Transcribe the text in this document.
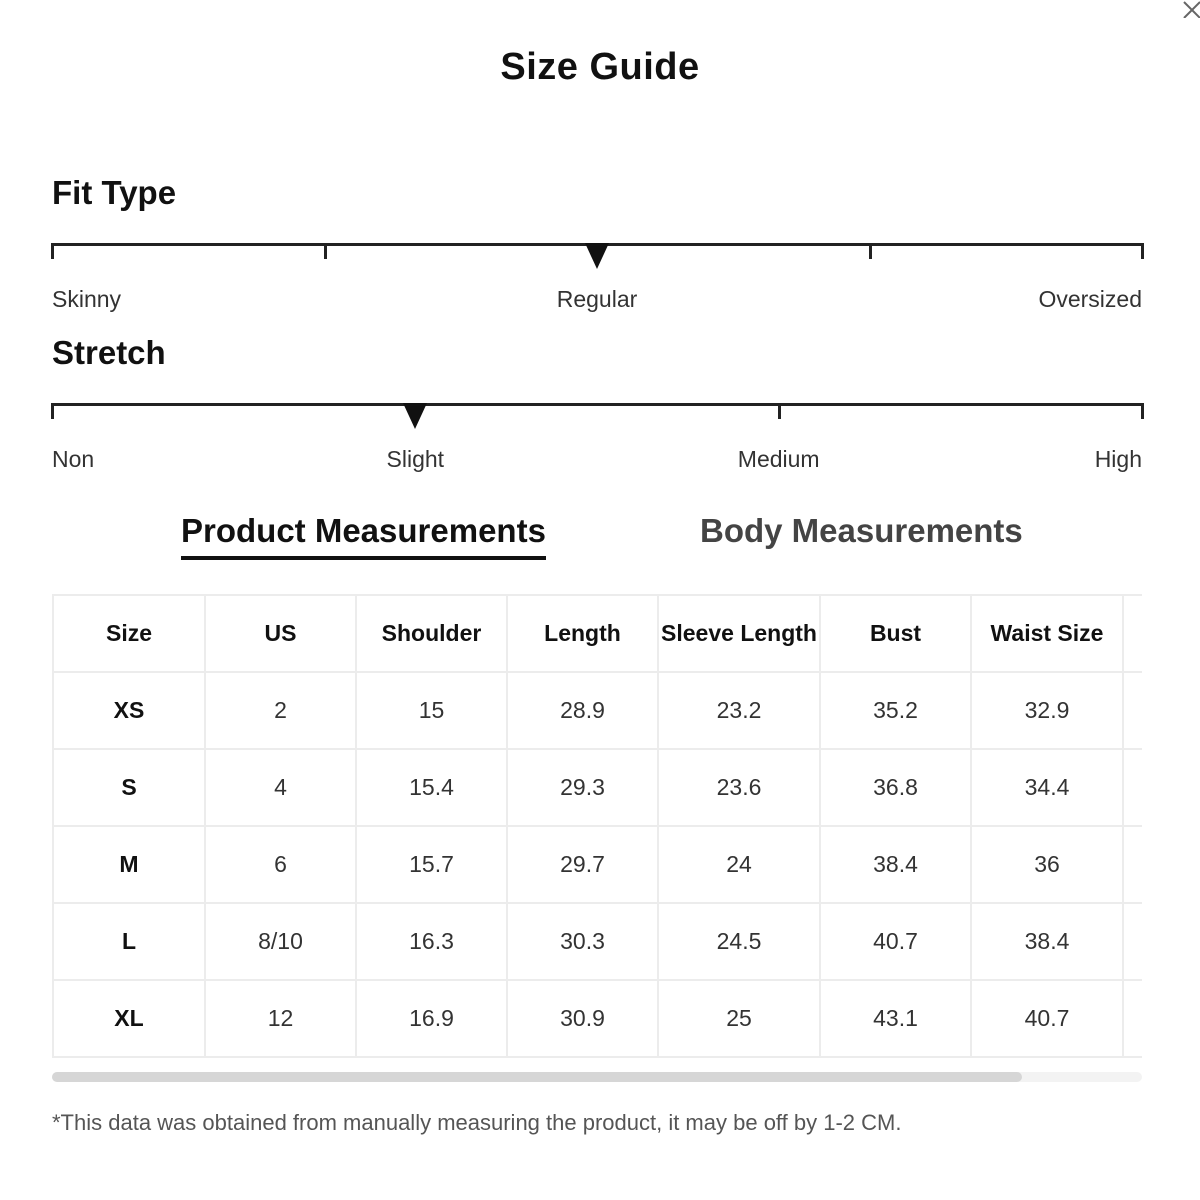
Size Guide
Fit Type
Skinny	Regular	Oversized
Stretch
Non	Slight	Medium	High
Product Measurements	Body Measurements
Size	US	Shoulder	Length	Sleeve Length	Bust	Waist Size	
XS	2	15	28.9	23.2	35.2	32.9	
S	4	15.4	29.3	23.6	36.8	34.4	
M	6	15.7	29.7	24	38.4	36	
L	8/10	16.3	30.3	24.5	40.7	38.4	
XL	12	16.9	30.9	25	43.1	40.7	
*This data was obtained from manually measuring the product, it may be off by 1-2 CM.
